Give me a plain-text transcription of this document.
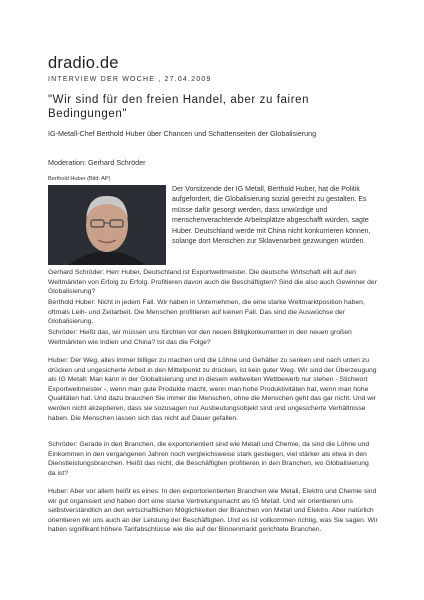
dradio.de
INTERVIEW DER WOCHE , 27.04.2009
"Wir sind für den freien Handel, aber zu fairen Bedingungen"
IG-Metall-Chef Berthold Huber über Chancen und Schattenseiten der Globalisierung
Moderation: Gerhard Schröder
Berthold Huber (Bild: AP)
Der Vorsitzende der IG Metall, Berthold Huber, hat die Politik aufgefordert, die Globalisierung sozial gerecht zu gestalten. Es müsse dafür gesorgt werden, dass unwürdige und menschenverachtende Arbeitsplätze abgeschafft würden, sagte Huber. Deutschland werde mit China nicht konkurrieren können, solange dort Menschen zur Sklavenarbeit gezwungen würden.

Gerhard Schröder: Herr Huber, Deutschland ist Exportweltmeister. Die deutsche Wirtschaft eilt auf den Weltmärkten von Erfolg zu Erfolg. Profitieren davon auch die Beschäftigten? Sind die also auch Gewinner der Globalisierung?

Berthold Huber: Nicht in jedem Fall. Wir haben in Unternehmen, die eine starke Weltmarktposition haben, oftmals Leih- und Zeitarbeit. Die Menschen profitieren auf keinen Fall. Das sind die Auswüchse der Globalisierung.

Schröder: Heißt das, wir müssen uns fürchten vor den neuen Billigkonkurrenten in den neuen großen Weltmärkten wie Indien und China? Ist das die Folge?

Huber: Der Weg, alles immer billiger zu machen und die Löhne und Gehälter zu senken und nach unten zu drücken und ungesicherte Arbeit in den Mittelpunkt zu drücken, ist kein guter Weg. Wir sind der Überzeugung als IG Metall: Man kann in der Globalisierung und in diesem weltweiten Wettbewerb nur stehen - Stichwort Exportweltmeister -, wenn man gute Produkte macht, wenn man hohe Produktivitäten hat, wenn man hohe Qualitäten hat. Und dazu brauchen Sie immer die Menschen, ohne die Menschen geht das gar nicht. Und wir werden nicht akzeptieren, dass sie sozusagen nur Ausbeutungsobjekt sind und ungesicherte Verhältnisse haben. Die Menschen lassen sich das nicht auf Dauer gefallen.

Schröder: Gerade in den Branchen, die exportorientiert sind wie Metall und Chemie, da sind die Löhne und Einkommen in den vergangenen Jahren noch vergleichsweise stark gestiegen, viel stärker als etwa in den Dienstleistungsbranchen. Heißt das nicht, die Beschäftigten profitieren in den Branchen, wo Globalisierung da ist?

Huber: Aber vor allem heißt es eines: In den exportorientierten Branchen wie Metall, Elektro und Chemie sind wir gut organisiert und haben dort eine starke Vertretungsmacht als IG Metall. Und wir orientieren uns selbstverständlich an den wirtschaftlichen Möglichkeiten der Branchen von Metall und Elektro. Aber natürlich orientieren wir uns auch an der Leistung der Beschäftigten. Und es ist vollkommen richtig, was Sie sagen. Wir haben signifikant höhere Tarifabschlüsse wie die auf der Binnenmarkt gerichtete Branchen.
